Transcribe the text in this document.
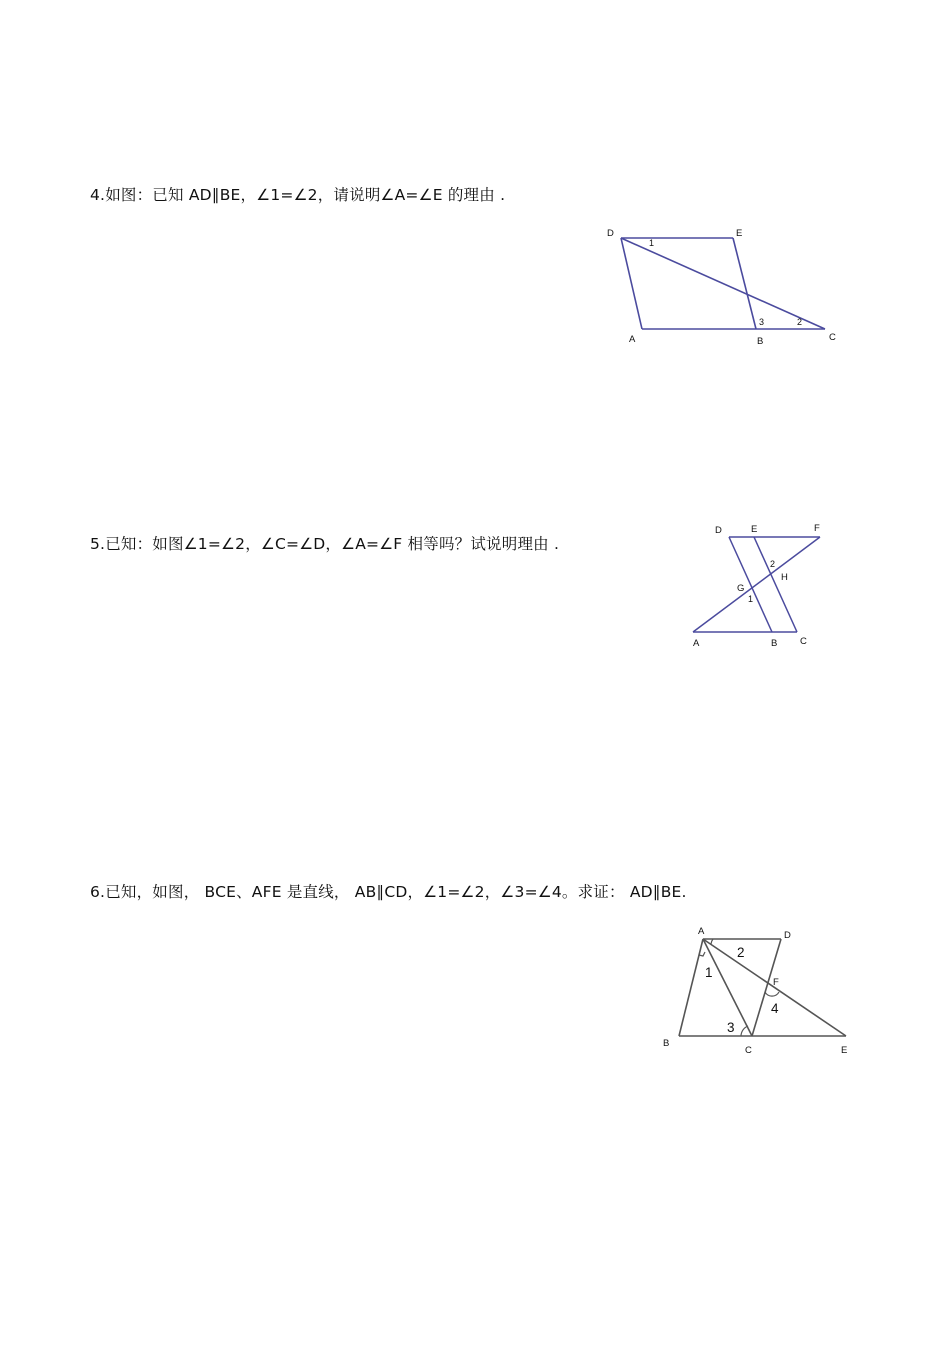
4.如图：已知 AD∥BE，∠1=∠2，请说明∠A=∠E 的理由 .
D	E
A	B	C
1
3	2
5.已知：如图∠1=∠2，∠C=∠D，∠A=∠F 相等吗？试说明理由 .
D	E	F
A	B C
G
H
2
1
6.已知，如图， BCE、AFE 是直线， AB∥CD，∠1=∠2，∠3=∠4。求证： AD∥BE.
A	D
F
B
C	E
2
1
4
3
